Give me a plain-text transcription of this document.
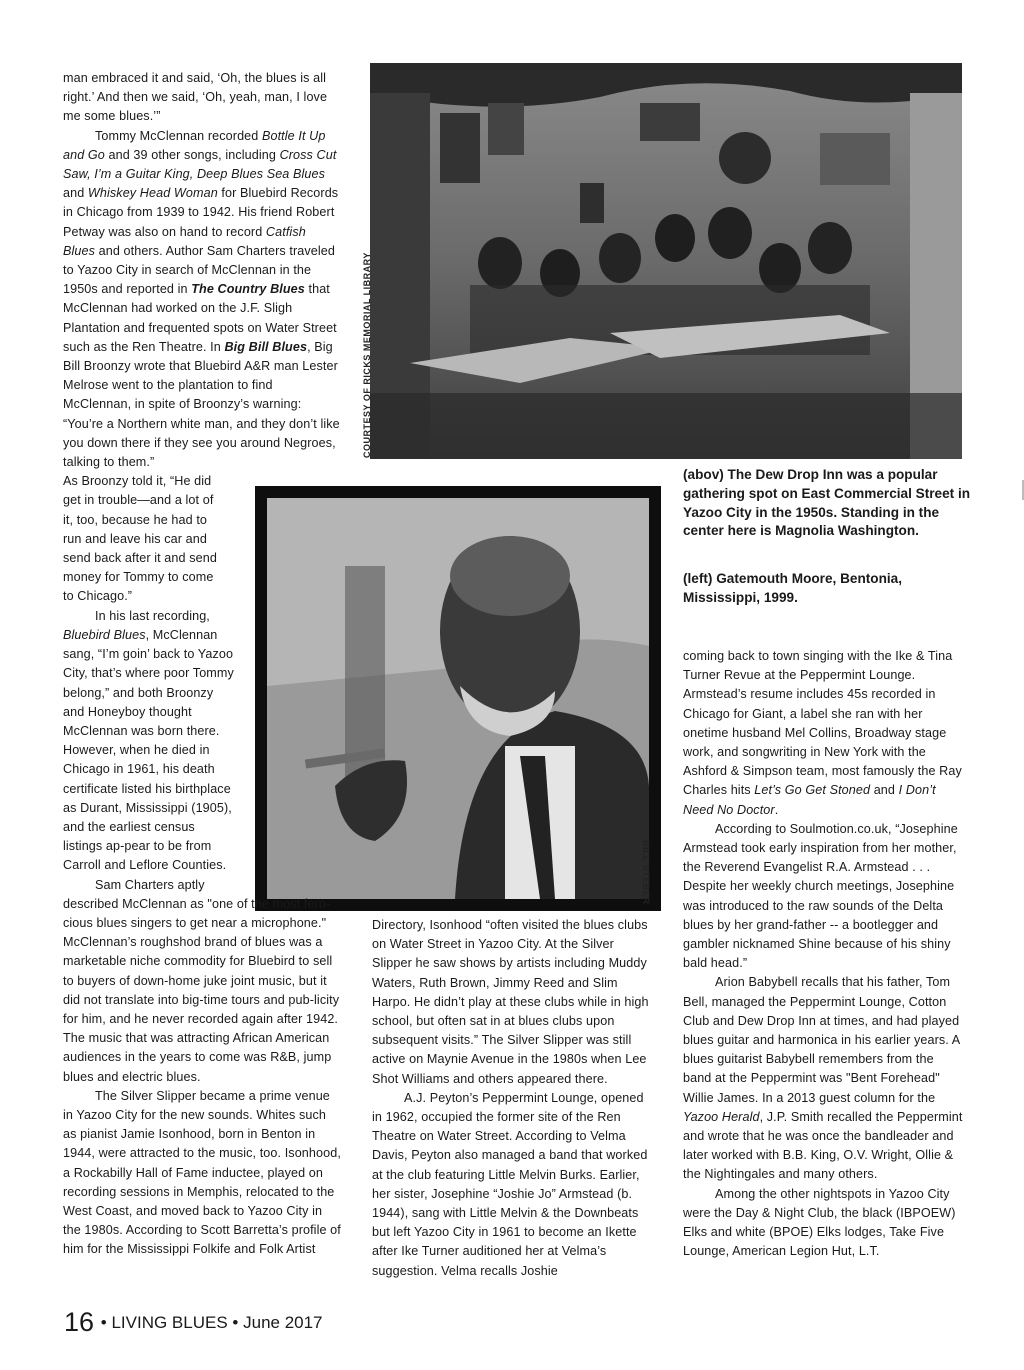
COURTESY OF RICKS MEMORIAL LIBRARY
BILL STEBER
(abov) The Dew Drop Inn was a popular gathering spot on East Commercial Street in Yazoo City in the 1950s. Standing in the center here is Magnolia Washington.
(left) Gatemouth Moore, Bentonia, Mississippi, 1999.

man embraced it and said, ‘Oh, the blues is all right.’ And then we said, ‘Oh, yeah, man, I love me some blues.’”

Tommy McClennan recorded Bottle It Up and Go and 39 other songs, including Cross Cut Saw, I’m a Guitar King, Deep Blues Sea Blues and Whiskey Head Woman for Bluebird Records in Chicago from 1939 to 1942. His friend Robert Petway was also on hand to record Catfish Blues and others. Author Sam Charters traveled to Yazoo City in search of McClennan in the 1950s and reported in The Country Blues that McClennan had worked on the J.F. Sligh Plantation and frequented spots on Water Street such as the Ren Theatre. In Big Bill Blues, Big Bill Broonzy wrote that Bluebird A&R man Lester Melrose went to the plantation to find McClennan, in spite of Broonzy’s warning: “You’re a Northern white man, and they don’t like you down there if they see you around Negroes, talking to them.”

As Broonzy told it, “He did get in trouble—and a lot of it, too, because he had to run and leave his car and send back after it and send money for Tommy to come to Chicago.”

In his last recording, Bluebird Blues, McClennan sang, “I’m goin’ back to Yazoo City, that’s where poor Tommy belong,” and both Broonzy and Honeyboy thought McClennan was born there. However, when he died in Chicago in 1961, his death certificate listed his birthplace as Durant, Mississippi (1905), and the earliest census listings ap-pear to be from Carroll and Leflore Counties.

Sam Charters aptly

described McClennan as "one of the most fero-cious blues singers to get near a microphone." McClennan’s roughshod brand of blues was a marketable niche commodity for Bluebird to sell to buyers of down-home juke joint music, but it did not translate into big-time tours and pub-licity for him, and he never recorded again after 1942. The music that was attracting African American audiences in the years to come was R&B, jump blues and electric blues.

The Silver Slipper became a prime venue in Yazoo City for the new sounds. Whites such as pianist Jamie Isonhood, born in Benton in 1944, were attracted to the music, too. Isonhood, a Rockabilly Hall of Fame inductee, played on recording sessions in Memphis, relocated to the West Coast, and moved back to Yazoo City in the 1980s. According to Scott Barretta’s profile of him for the Mississippi Folkife and Folk Artist

Directory, Isonhood “often visited the blues clubs on Water Street in Yazoo City. At the Silver Slipper he saw shows by artists including Muddy Waters, Ruth Brown, Jimmy Reed and Slim Harpo. He didn’t play at these clubs while in high school, but often sat in at blues clubs upon subsequent visits.” The Silver Slipper was still active on Maynie Avenue in the 1980s when Lee Shot Williams and others appeared there.

A.J. Peyton’s Peppermint Lounge, opened in 1962, occupied the former site of the Ren Theatre on Water Street. According to Velma Davis, Peyton also managed a band that worked at the club featuring Little Melvin Burks. Earlier, her sister, Josephine “Joshie Jo” Armstead (b. 1944), sang with Little Melvin & the Downbeats but left Yazoo City in 1961 to become an Ikette after Ike Turner auditioned her at Velma’s suggestion. Velma recalls Joshie

coming back to town singing with the Ike & Tina Turner Revue at the Peppermint Lounge. Armstead’s resume includes 45s recorded in Chicago for Giant, a label she ran with her onetime husband Mel Collins, Broadway stage work, and songwriting in New York with the Ashford & Simpson team, most famously the Ray Charles hits Let’s Go Get Stoned and I Don’t Need No Doctor.

According to Soulmotion.co.uk, “Josephine Armstead took early inspiration from her mother, the Reverend Evangelist R.A. Armstead . . . Despite her weekly church meetings, Josephine was introduced to the raw sounds of the Delta blues by her grand-father -- a bootlegger and gambler nicknamed Shine because of his shiny bald head.”

Arion Babybell recalls that his father, Tom Bell, managed the Peppermint Lounge, Cotton Club and Dew Drop Inn at times, and had played blues guitar and harmonica in his earlier years. A blues guitarist Babybell remembers from the band at the Peppermint was "Bent Forehead" Willie James. In a 2013 guest column for the Yazoo Herald, J.P. Smith recalled the Peppermint and wrote that he was once the bandleader and later worked with B.B. King, O.V. Wright, Ollie & the Nightingales and many others.

Among the other nightspots in Yazoo City were the Day & Night Club, the black (IBPOEW) Elks and white (BPOE) Elks lodges, Take Five Lounge, American Legion Hut, L.T.

16 • LIVING BLUES • June 2017
